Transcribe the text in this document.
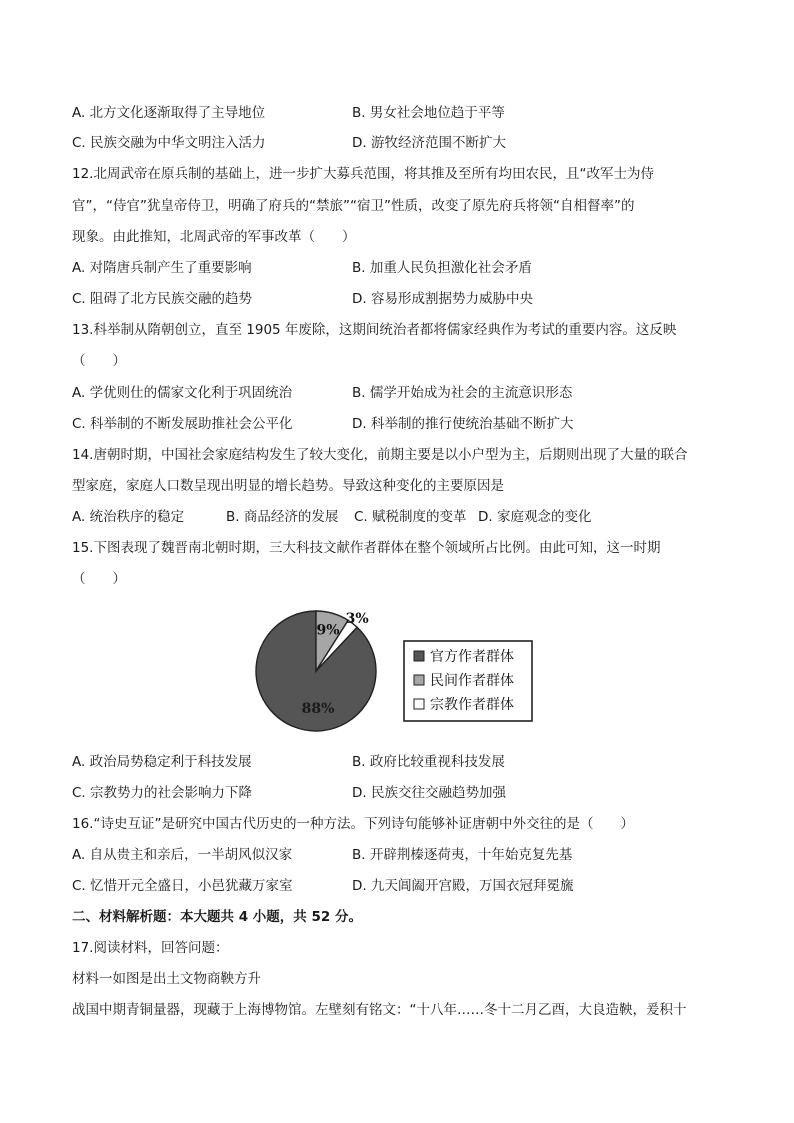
A. 北方文化逐渐取得了主导地位	B. 男女社会地位趋于平等
C. 民族交融为中华文明注入活力	D. 游牧经济范围不断扩大
12.北周武帝在原兵制的基础上，进一步扩大募兵范围，将其推及至所有均田农民，且“改军士为侍
官”，“侍官”犹皇帝侍卫，明确了府兵的“禁旅”“宿卫”性质，改变了原先府兵将领“自相督率”的
现象。由此推知，北周武帝的军事改革（　　）
A. 对隋唐兵制产生了重要影响	B. 加重人民负担激化社会矛盾
C. 阻碍了北方民族交融的趋势	D. 容易形成割据势力威胁中央
13.科举制从隋朝创立，直至 1905 年废除，这期间统治者都将儒家经典作为考试的重要内容。这反映
（　　）
A. 学优则仕的儒家文化利于巩固统治	B. 儒学开始成为社会的主流意识形态
C. 科举制的不断发展助推社会公平化	D. 科举制的推行使统治基础不断扩大
14.唐朝时期，中国社会家庭结构发生了较大变化，前期主要是以小户型为主，后期则出现了大量的联合
型家庭，家庭人口数呈现出明显的增长趋势。导致这种变化的主要原因是
A. 统治秩序的稳定	B. 商品经济的发展 C. 赋税制度的变革 D. 家庭观念的变化
15.下图表现了魏晋南北朝时期，三大科技文献作者群体在整个领域所占比例。由此可知，这一时期
（　　）
88%
9%
3%
官方作者群体
民间作者群体
宗教作者群体
A. 政治局势稳定利于科技发展	B. 政府比较重视科技发展
C. 宗教势力的社会影响力下降	D. 民族交往交融趋势加强
16.“诗史互证”是研究中国古代历史的一种方法。下列诗句能够补证唐朝中外交往的是（　　）
A. 自从贵主和亲后，一半胡风似汉家	B. 开辟荆榛逐荷夷，十年始克复先基
C. 忆惜开元全盛日，小邑犹藏万家室	D. 九天阊阖开宫殿，万国衣冠拜冕旒
二、材料解析题：本大题共 4 小题，共 52 分。
17.阅读材料，回答问题：
材料一如图是出土文物商鞅方升
战国中期青铜量器，现藏于上海博物馆。左壁刻有铭文：“十八年……冬十二月乙酉，大良造鞅，爰积十
